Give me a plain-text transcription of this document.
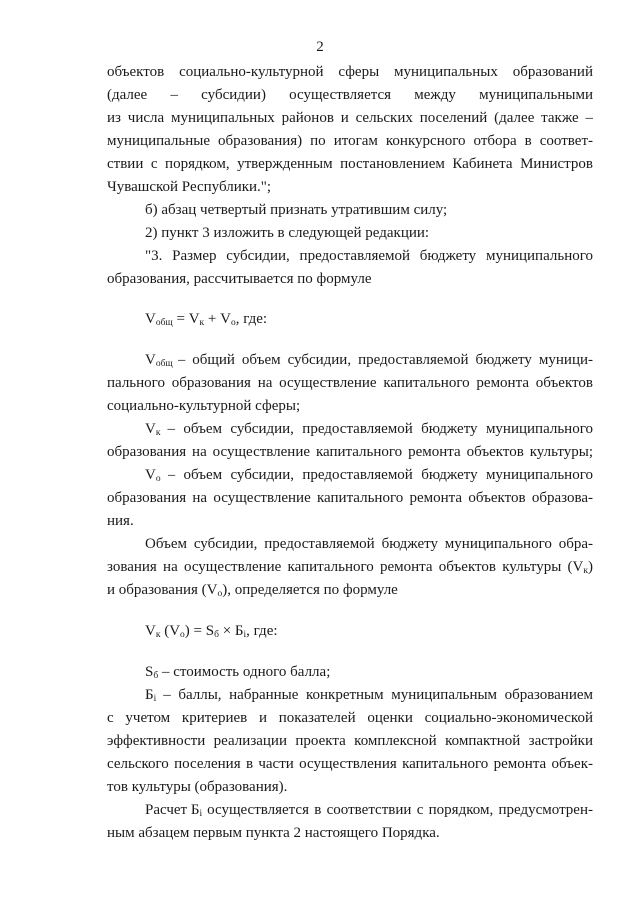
2
объектов социально-культурной сферы муниципальных образований
(далее – субсидии) осуществляется между муниципальными
из числа муниципальных районов и сельских поселений (далее также –
муниципальные образования) по итогам конкурсного отбора в соответ-
ствии с порядком, утвержденным постановлением Кабинета Министров
Чувашской Республики.";
б) абзац четвертый признать утратившим силу;
2) пункт 3 изложить в следующей редакции:
"3. Размер субсидии, предоставляемой бюджету муниципального
образования, рассчитывается по формуле
$V_{общ} = V_к + V_о$, где:
$V_{общ}$ – общий объем субсидии, предоставляемой бюджету муници-
пального образования на осуществление капитального ремонта объектов
социально-культурной сферы;
$V_к$ – объем субсидии, предоставляемой бюджету муниципального
образования на осуществление капитального ремонта объектов культуры;
$V_о$ – объем субсидии, предоставляемой бюджету муниципального
образования на осуществление капитального ремонта объектов образова-
ния.
Объем субсидии, предоставляемой бюджету муниципального обра-
зования на осуществление капитального ремонта объектов культуры (V $_к$)
и образования $(V_о)$, определяется по формуле
$V_к$ $(V_о) = S_б \times Б_i$, где:
$S_б$ – стоимость одного балла;
$Б_i$ – баллы, набранные конкретным муниципальным образованием
с учетом критериев и показателей оценки социально-экономической
эффективности реализации проекта комплексной компактной застройки
сельского поселения в части осуществления капитального ремонта объек-
тов культуры (образования).
Расчет $Б_i$ осуществляется в соответствии с порядком, предусмотрен-
ным абзацем первым пункта 2 настоящего Порядка.
